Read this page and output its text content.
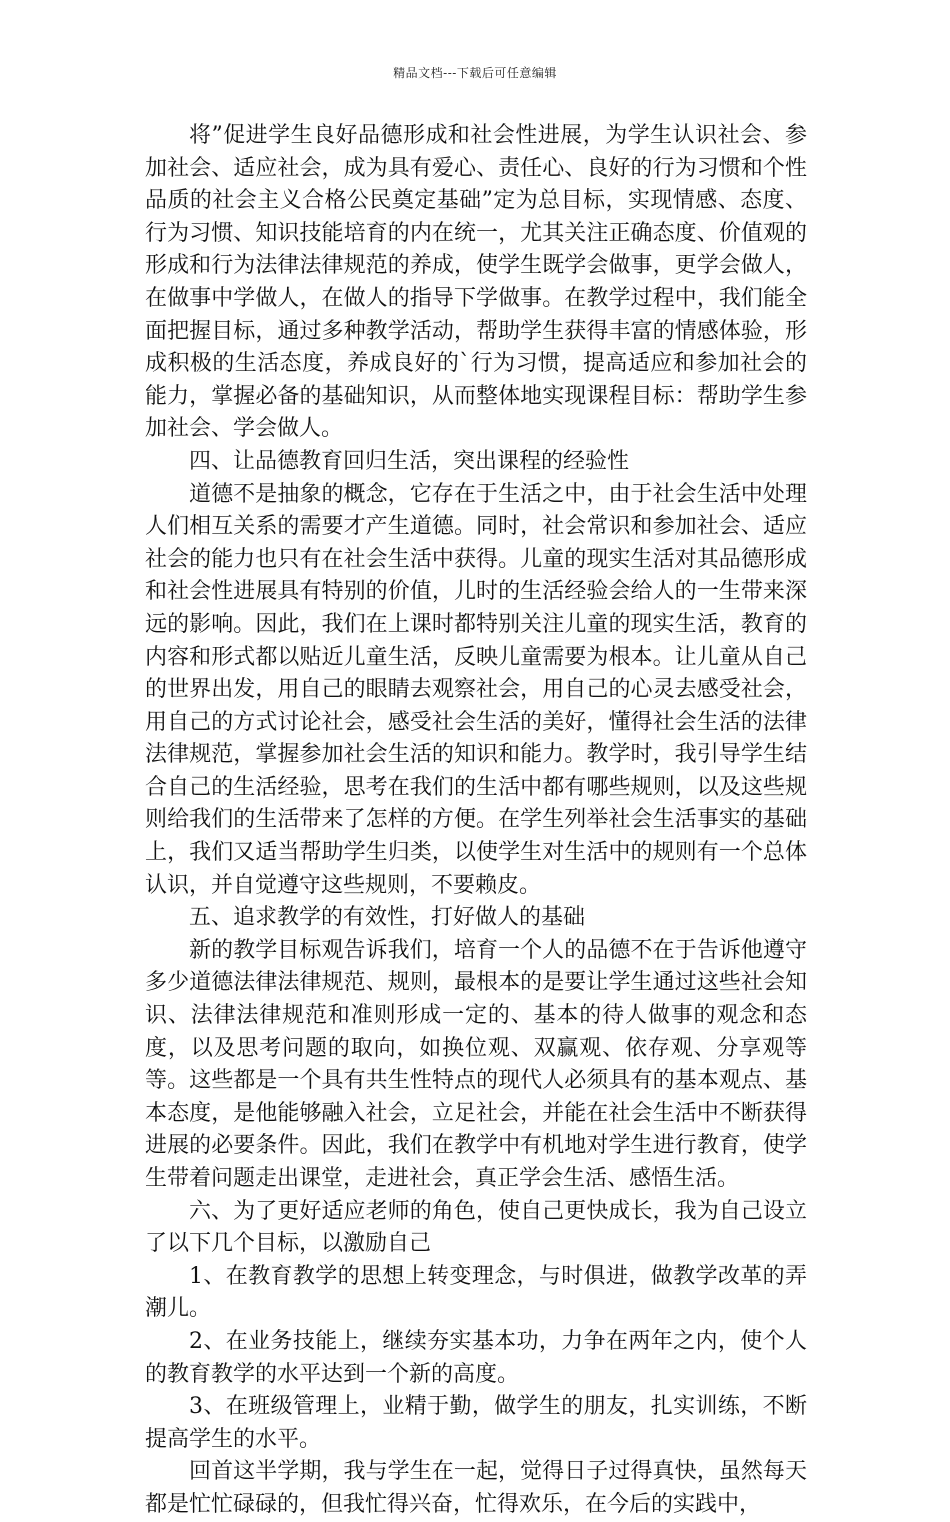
精品文档---下载后可任意编辑

将”促进学生良好品德形成和社会性进展，为学生认识社会、参加社会、适应社会，成为具有爱心、责任心、良好的行为习惯和个性品质的社会主义合格公民奠定基础”定为总目标，实现情感、态度、行为习惯、知识技能培育的内在统一，尤其关注正确态度、价值观的形成和行为法律法律规范的养成，使学生既学会做事，更学会做人，在做事中学做人，在做人的指导下学做事。在教学过程中，我们能全面把握目标，通过多种教学活动，帮助学生获得丰富的情感体验，形成积极的生活态度，养成良好的`行为习惯，提高适应和参加社会的能力，掌握必备的基础知识，从而整体地实现课程目标：帮助学生参加社会、学会做人。

四、让品德教育回归生活，突出课程的经验性

道德不是抽象的概念，它存在于生活之中，由于社会生活中处理人们相互关系的需要才产生道德。同时，社会常识和参加社会、适应社会的能力也只有在社会生活中获得。儿童的现实生活对其品德形成和社会性进展具有特别的价值，儿时的生活经验会给人的一生带来深远的影响。因此，我们在上课时都特别关注儿童的现实生活，教育的内容和形式都以贴近儿童生活，反映儿童需要为根本。让儿童从自己的世界出发，用自己的眼睛去观察社会，用自己的心灵去感受社会，用自己的方式讨论社会，感受社会生活的美好，懂得社会生活的法律法律规范，掌握参加社会生活的知识和能力。教学时，我引导学生结合自己的生活经验，思考在我们的生活中都有哪些规则，以及这些规则给我们的生活带来了怎样的方便。在学生列举社会生活事实的基础上，我们又适当帮助学生归类，以使学生对生活中的规则有一个总体认识，并自觉遵守这些规则，不要赖皮。

五、追求教学的有效性，打好做人的基础

新的教学目标观告诉我们，培育一个人的品德不在于告诉他遵守多少道德法律法律规范、规则，最根本的是要让学生通过这些社会知识、法律法律规范和准则形成一定的、基本的待人做事的观念和态度，以及思考问题的取向，如换位观、双赢观、依存观、分享观等等。这些都是一个具有共生性特点的现代人必须具有的基本观点、基本态度，是他能够融入社会，立足社会，并能在社会生活中不断获得进展的必要条件。因此，我们在教学中有机地对学生进行教育，使学生带着问题走出课堂，走进社会，真正学会生活、感悟生活。

六、为了更好适应老师的角色，使自己更快成长，我为自己设立了以下几个目标，以激励自己

1、在教育教学的思想上转变理念，与时俱进，做教学改革的弄潮儿。

2、在业务技能上，继续夯实基本功，力争在两年之内，使个人的教育教学的水平达到一个新的高度。

3、在班级管理上，业精于勤，做学生的朋友，扎实训练，不断提高学生的水平。

回首这半学期，我与学生在一起，觉得日子过得真快，虽然每天都是忙忙碌碌的，但我忙得兴奋，忙得欢乐，在今后的实践中，
